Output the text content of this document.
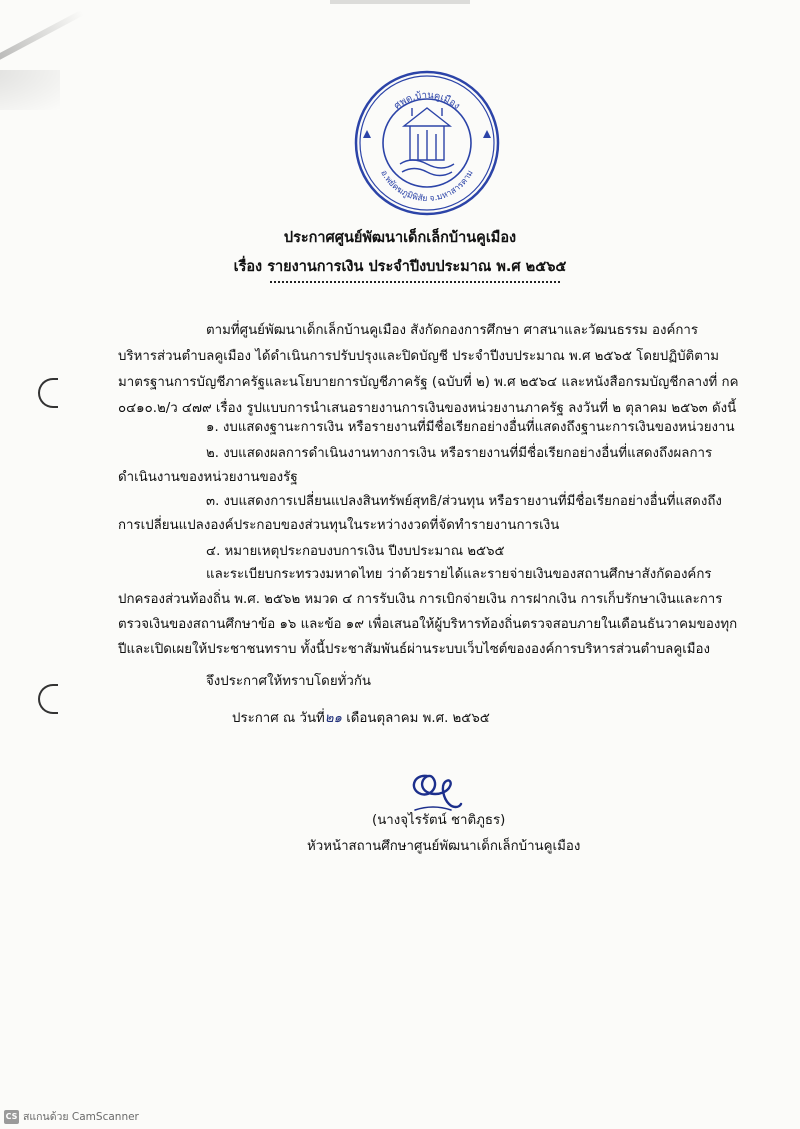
ศพด.บ้านคูเมือง
อ.พยัคฆภูมิพิสัย จ.มหาสารคาม
ประกาศศูนย์พัฒนาเด็กเล็กบ้านคูเมือง
เรื่อง รายงานการเงิน ประจำปีงบประมาณ พ.ศ ๒๕๖๕
ตามที่ศูนย์พัฒนาเด็กเล็กบ้านคูเมือง สังกัดกองการศึกษา ศาสนาและวัฒนธรรม องค์การ
บริหารส่วนตำบลคูเมือง ได้ดำเนินการปรับปรุงและปิดบัญชี ประจำปีงบประมาณ พ.ศ ๒๕๖๕ โดยปฏิบัติตาม
มาตรฐานการบัญชีภาครัฐและนโยบายการบัญชีภาครัฐ (ฉบับที่ ๒) พ.ศ ๒๕๖๔ และหนังสือกรมบัญชีกลางที่ กค
๐๔๑๐.๒/ว ๔๗๙ เรื่อง รูปแบบการนำเสนอรายงานการเงินของหน่วยงานภาครัฐ ลงวันที่ ๒ ตุลาคม ๒๕๖๓ ดังนี้
๑. งบแสดงฐานะการเงิน หรือรายงานที่มีชื่อเรียกอย่างอื่นที่แสดงถึงฐานะการเงินของหน่วยงาน
๒. งบแสดงผลการดำเนินงานทางการเงิน หรือรายงานที่มีชื่อเรียกอย่างอื่นที่แสดงถึงผลการ
ดำเนินงานของหน่วยงานของรัฐ
๓. งบแสดงการเปลี่ยนแปลงสินทรัพย์สุทธิ/ส่วนทุน หรือรายงานที่มีชื่อเรียกอย่างอื่นที่แสดงถึง
การเปลี่ยนแปลงองค์ประกอบของส่วนทุนในระหว่างงวดที่จัดทำรายงานการเงิน
๔. หมายเหตุประกอบงบการเงิน ปีงบประมาณ ๒๕๖๕
และระเบียบกระทรวงมหาดไทย ว่าด้วยรายได้และรายจ่ายเงินของสถานศึกษาสังกัดองค์กร
ปกครองส่วนท้องถิ่น พ.ศ. ๒๕๖๒ หมวด ๔ การรับเงิน การเบิกจ่ายเงิน การฝากเงิน การเก็บรักษาเงินและการ
ตรวจเงินของสถานศึกษาข้อ ๑๖ และข้อ ๑๙ เพื่อเสนอให้ผู้บริหารท้องถิ่นตรวจสอบภายในเดือนธันวาคมของทุก
ปีและเปิดเผยให้ประชาชนทราบ ทั้งนี้ประชาสัมพันธ์ผ่านระบบเว็บไซต์ขององค์การบริหารส่วนตำบลคูเมือง
จึงประกาศให้ทราบโดยทั่วกัน
ประกาศ ณ วันที่๒๑ เดือนตุลาคม พ.ศ. ๒๕๖๕
(นางจุไรรัตน์ ชาติภูธร)
หัวหน้าสถานศึกษาศูนย์พัฒนาเด็กเล็กบ้านคูเมือง
CS สแกนด้วย CamScanner
